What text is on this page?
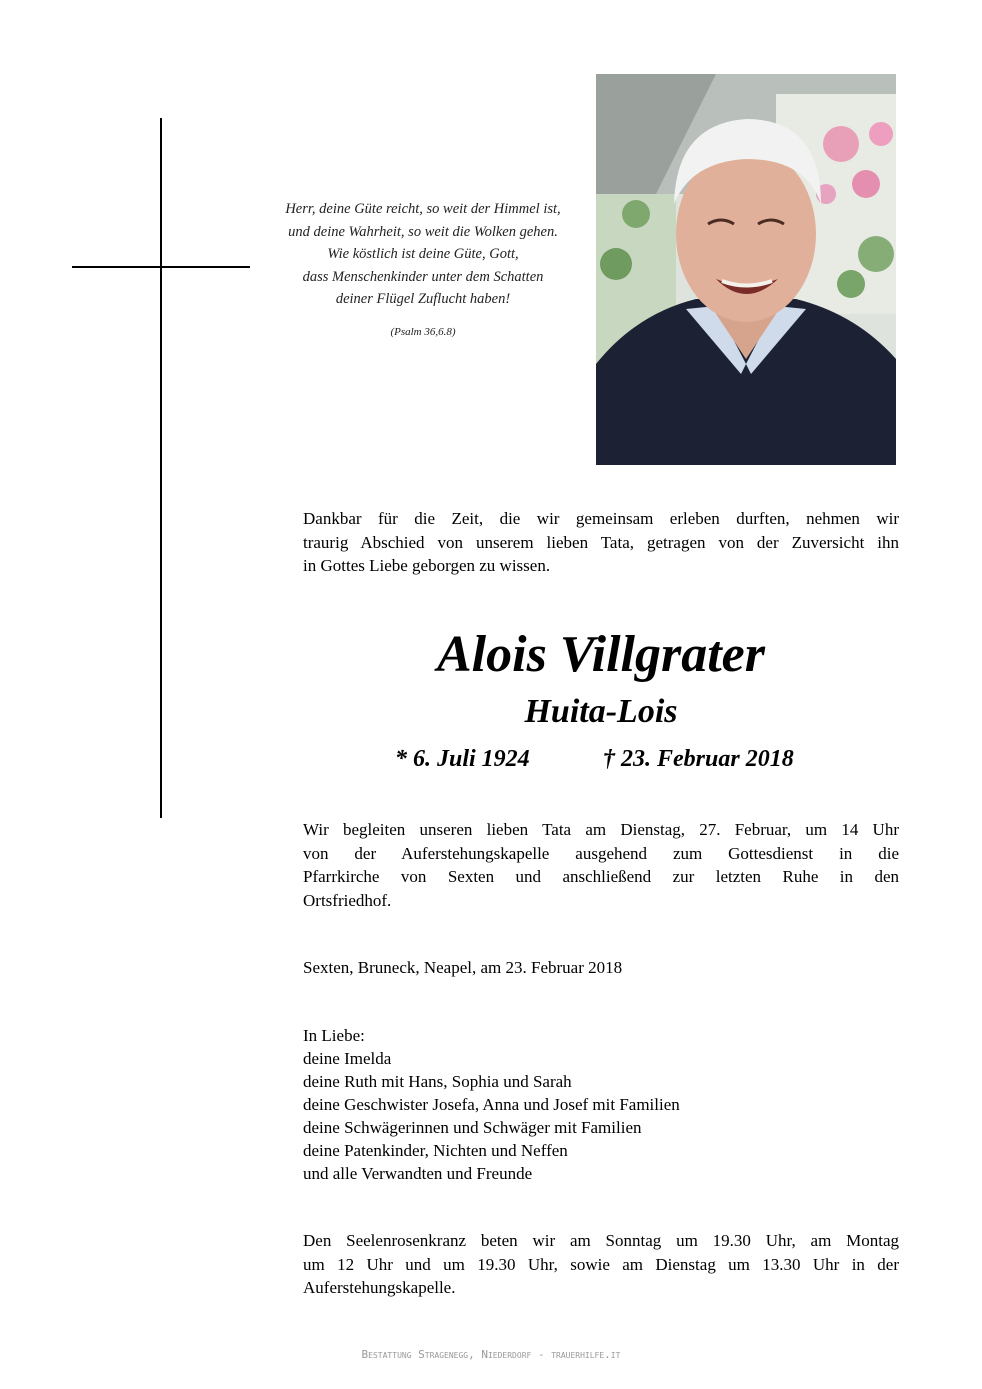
Herr, deine Güte reicht, so weit der Himmel ist,
und deine Wahrheit, so weit die Wolken gehen.
Wie köstlich ist deine Güte, Gott,
dass Menschenkinder unter dem Schatten
deiner Flügel Zuflucht haben!
(Psalm 36,6.8)
Dankbar für die Zeit, die wir gemeinsam erleben durften, nehmen wir
traurig Abschied von unserem lieben Tata, getragen von der Zuversicht ihn
in Gottes Liebe geborgen zu wissen.
Alois Villgrater
Huita-Lois
* 6. Juli 1924	† 23. Februar 2018
Wir begleiten unseren lieben Tata am Dienstag, 27. Februar, um 14 Uhr
von der Auferstehungskapelle ausgehend zum Gottesdienst in die
Pfarrkirche von Sexten und anschließend zur letzten Ruhe in den
Ortsfriedhof.
Sexten, Bruneck, Neapel, am 23. Februar 2018
In Liebe:
deine Imelda
deine Ruth mit Hans, Sophia und Sarah
deine Geschwister Josefa, Anna und Josef mit Familien
deine Schwägerinnen und Schwäger mit Familien
deine Patenkinder, Nichten und Neffen
und alle Verwandten und Freunde
Den Seelenrosenkranz beten wir am Sonntag um 19.30 Uhr, am Montag
um 12 Uhr und um 19.30 Uhr, sowie am Dienstag um 13.30 Uhr in der
Auferstehungskapelle.
Bestattung Stragenegg, Niederdorf - trauerhilfe.it
